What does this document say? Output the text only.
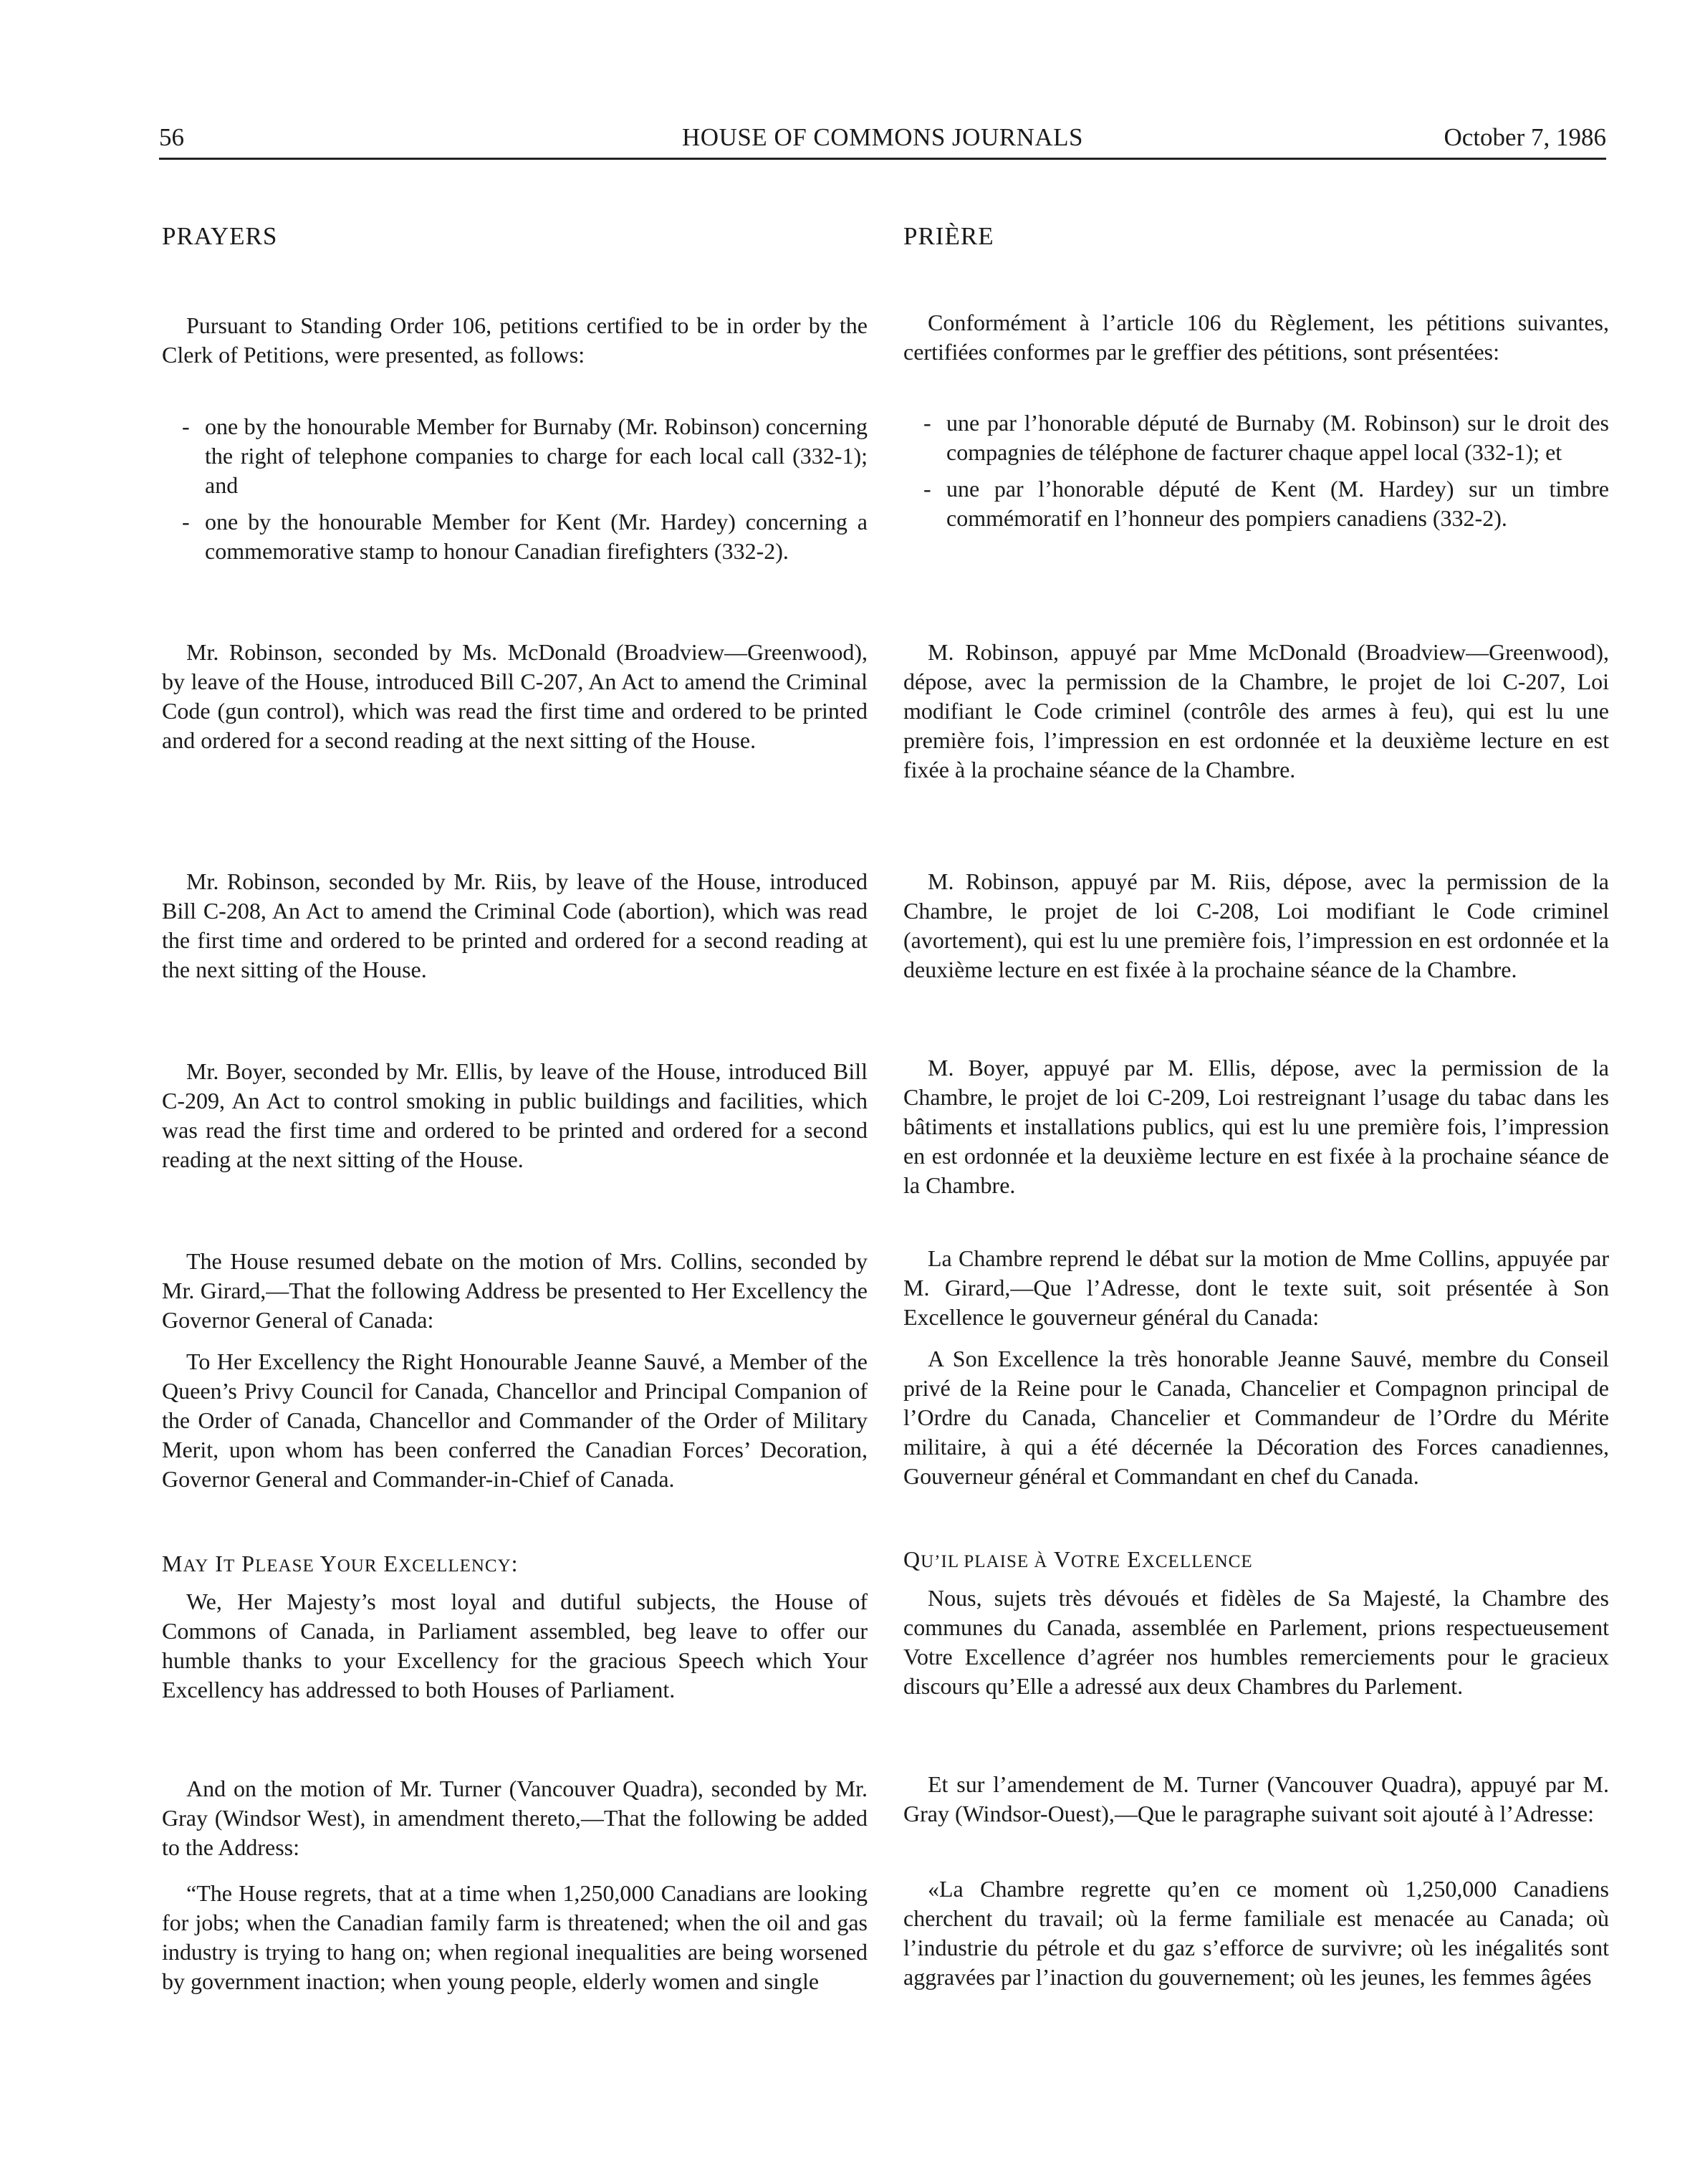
56	HOUSE OF COMMONS JOURNALS	October 7, 1986

PRAYERS

Pursuant to Standing Order 106, petitions certified to be in order by the Clerk of Petitions, were presented, as follows:

- one by the honourable Member for Burnaby (Mr. Robinson) concerning the right of telephone companies to charge for each local call (332-1); and
- one by the honourable Member for Kent (Mr. Hardey) concerning a commemorative stamp to honour Canadian firefighters (332-2).

Mr. Robinson, seconded by Ms. McDonald (Broadview—Greenwood), by leave of the House, introduced Bill C-207, An Act to amend the Criminal Code (gun control), which was read the first time and ordered to be printed and ordered for a second reading at the next sitting of the House.

Mr. Robinson, seconded by Mr. Riis, by leave of the House, introduced Bill C-208, An Act to amend the Criminal Code (abortion), which was read the first time and ordered to be printed and ordered for a second reading at the next sitting of the House.

Mr. Boyer, seconded by Mr. Ellis, by leave of the House, introduced Bill C-209, An Act to control smoking in public buildings and facilities, which was read the first time and ordered to be printed and ordered for a second reading at the next sitting of the House.

The House resumed debate on the motion of Mrs. Collins, seconded by Mr. Girard,—That the following Address be presented to Her Excellency the Governor General of Canada:

To Her Excellency the Right Honourable Jeanne Sauvé, a Member of the Queen’s Privy Council for Canada, Chancellor and Principal Companion of the Order of Canada, Chancellor and Commander of the Order of Military Merit, upon whom has been conferred the Canadian Forces’ Decoration, Governor General and Commander-in-Chief of Canada.

MAY IT PLEASE YOUR EXCELLENCY:

We, Her Majesty’s most loyal and dutiful subjects, the House of Commons of Canada, in Parliament assembled, beg leave to offer our humble thanks to your Excellency for the gracious Speech which Your Excellency has addressed to both Houses of Parliament.

And on the motion of Mr. Turner (Vancouver Quadra), seconded by Mr. Gray (Windsor West), in amendment thereto,—That the following be added to the Address:

“The House regrets, that at a time when 1,250,000 Canadians are looking for jobs; when the Canadian family farm is threatened; when the oil and gas industry is trying to hang on; when regional inequalities are being worsened by government inaction; when young people, elderly women and single

PRIÈRE

Conformément à l’article 106 du Règlement, les pétitions suivantes, certifiées conformes par le greffier des pétitions, sont présentées:

- une par l’honorable député de Burnaby (M. Robinson) sur le droit des compagnies de téléphone de facturer chaque appel local (332-1); et
- une par l’honorable député de Kent (M. Hardey) sur un timbre commémoratif en l’honneur des pompiers canadiens (332-2).

M. Robinson, appuyé par Mme McDonald (Broadview—Greenwood), dépose, avec la permission de la Chambre, le projet de loi C-207, Loi modifiant le Code criminel (contrôle des armes à feu), qui est lu une première fois, l’impression en est ordonnée et la deuxième lecture en est fixée à la prochaine séance de la Chambre.

M. Robinson, appuyé par M. Riis, dépose, avec la permission de la Chambre, le projet de loi C-208, Loi modifiant le Code criminel (avortement), qui est lu une première fois, l’impression en est ordonnée et la deuxième lecture en est fixée à la prochaine séance de la Chambre.

M. Boyer, appuyé par M. Ellis, dépose, avec la permission de la Chambre, le projet de loi C-209, Loi restreignant l’usage du tabac dans les bâtiments et installations publics, qui est lu une première fois, l’impression en est ordonnée et la deuxième lecture en est fixée à la prochaine séance de la Chambre.

La Chambre reprend le débat sur la motion de Mme Collins, appuyée par M. Girard,—Que l’Adresse, dont le texte suit, soit présentée à Son Excellence le gouverneur général du Canada:

A Son Excellence la très honorable Jeanne Sauvé, membre du Conseil privé de la Reine pour le Canada, Chancelier et Compagnon principal de l’Ordre du Canada, Chancelier et Commandeur de l’Ordre du Mérite militaire, à qui a été décernée la Décoration des Forces canadiennes, Gouverneur général et Commandant en chef du Canada.

QU’IL PLAISE À VOTRE EXCELLENCE

Nous, sujets très dévoués et fidèles de Sa Majesté, la Chambre des communes du Canada, assemblée en Parlement, prions respectueusement Votre Excellence d’agréer nos humbles remerciements pour le gracieux discours qu’Elle a adressé aux deux Chambres du Parlement.

Et sur l’amendement de M. Turner (Vancouver Quadra), appuyé par M. Gray (Windsor-Ouest),—Que le paragraphe suivant soit ajouté à l’Adresse:

«La Chambre regrette qu’en ce moment où 1,250,000 Canadiens cherchent du travail; où la ferme familiale est menacée au Canada; où l’industrie du pétrole et du gaz s’efforce de survivre; où les inégalités sont aggravées par l’inaction du gouvernement; où les jeunes, les femmes âgées
